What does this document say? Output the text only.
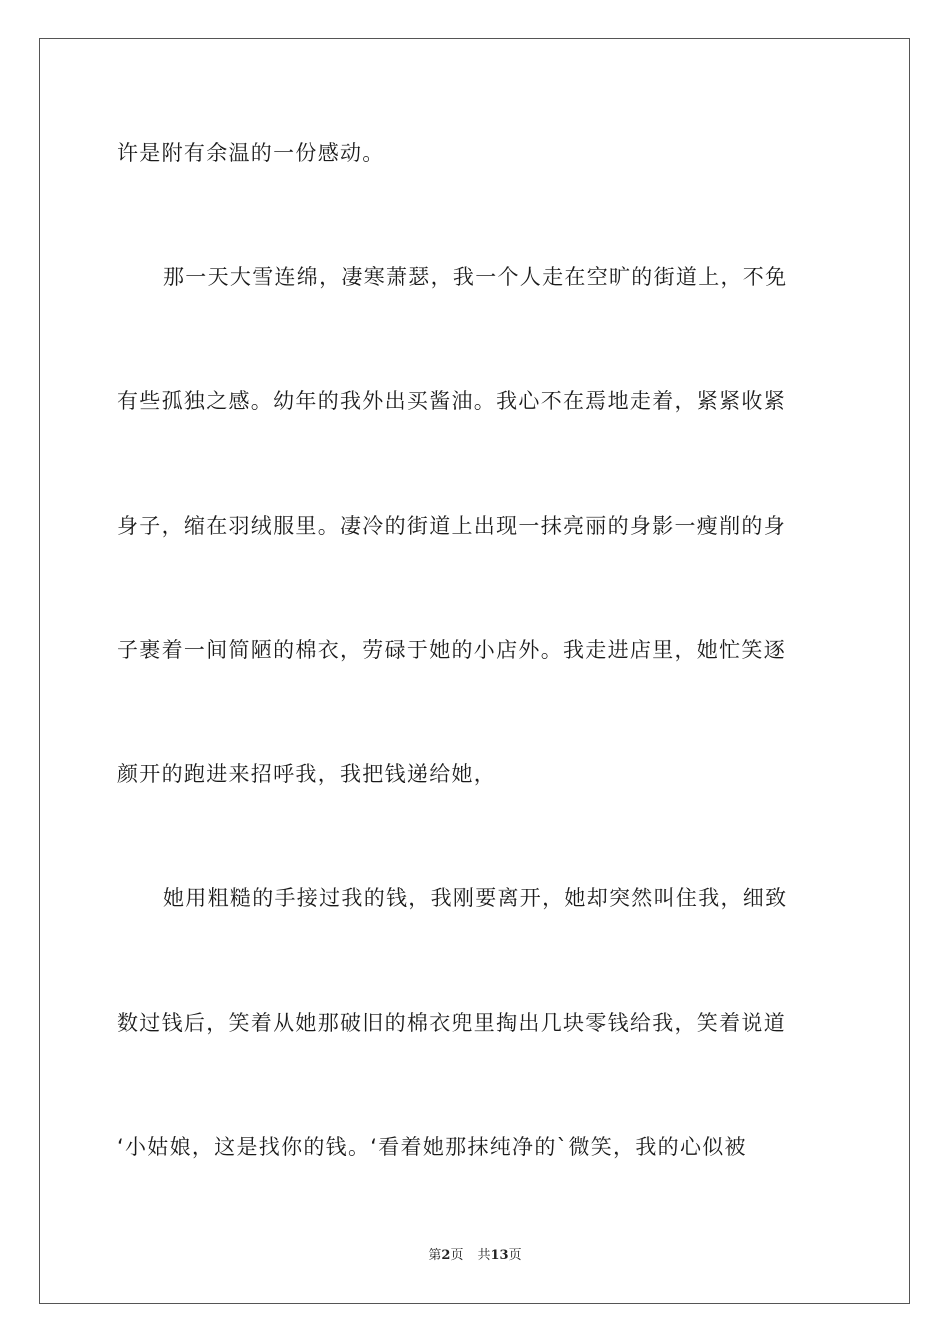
许是附有余温的一份感动。
那一天大雪连绵，凄寒萧瑟，我一个人走在空旷的街道上，不免
有些孤独之感。幼年的我外出买酱油。我心不在焉地走着，紧紧收紧
身子，缩在羽绒服里。凄冷的街道上出现一抹亮丽的身影一瘦削的身
子裹着一间简陋的棉衣，劳碌于她的小店外。我走进店里，她忙笑逐
颜开的跑进来招呼我，我把钱递给她，
她用粗糙的手接过我的钱，我刚要离开，她却突然叫住我，细致
数过钱后，笑着从她那破旧的棉衣兜里掏出几块零钱给我，笑着说道
‘小姑娘，这是找你的钱。‘看着她那抹纯净的`微笑，我的心似被
第2页 共13页
